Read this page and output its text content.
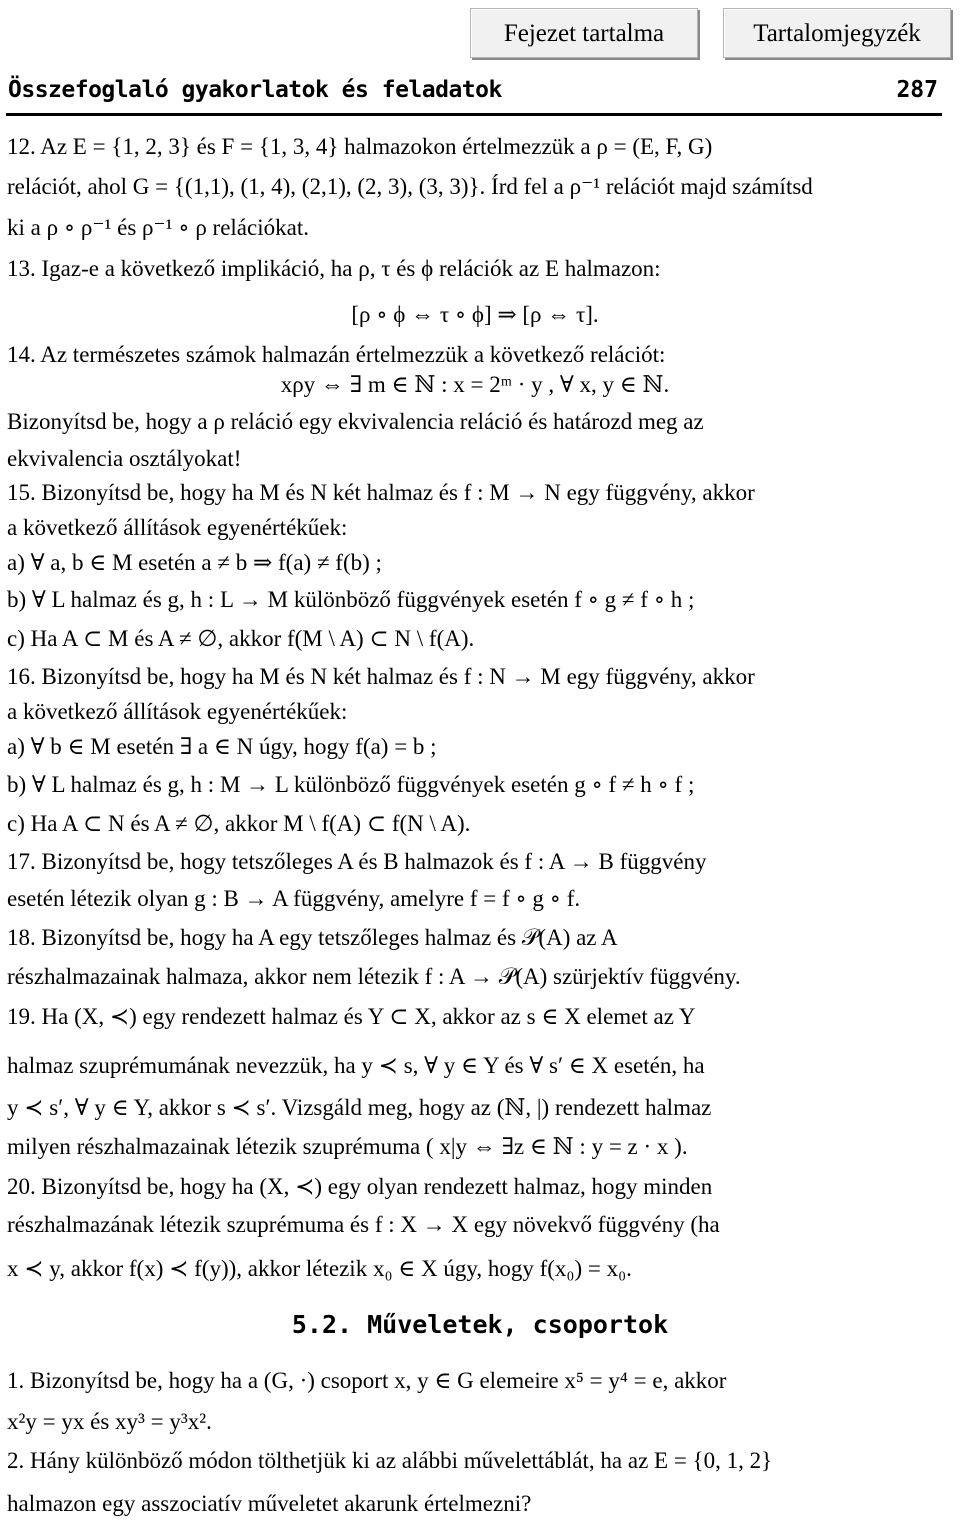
Fejezet tartalma	Tartalomjegyzék
Összefoglaló gyakorlatok és feladatok	287
12. Az E = {1, 2, 3} és F = {1, 3, 4} halmazokon értelmezzük a ρ = (E, F, G)
relációt, ahol G = {(1,1), (1, 4), (2,1), (2, 3), (3, 3)}. Írd fel a ρ⁻¹ relációt majd számítsd
ki a ρ ∘ ρ⁻¹ és ρ⁻¹ ∘ ρ relációkat.
13. Igaz-e a következő implikáció, ha ρ, τ és ϕ relációk az E halmazon:
[ρ ∘ ϕ ⇔ τ ∘ ϕ] ⇒ [ρ ⇔ τ].
14. Az természetes számok halmazán értelmezzük a következő relációt:
xρy ⇔ ∃ m ∈ ℕ : x = 2ᵐ · y , ∀ x, y ∈ ℕ.
Bizonyítsd be, hogy a ρ reláció egy ekvivalencia reláció és határozd meg az
ekvivalencia osztályokat!
15. Bizonyítsd be, hogy ha M és N két halmaz és f : M → N egy függvény, akkor
a következő állítások egyenértékűek:
a) ∀ a, b ∈ M esetén a ≠ b ⇒ f(a) ≠ f(b) ;
b) ∀ L halmaz és g, h : L → M különböző függvények esetén f ∘ g ≠ f ∘ h ;
c) Ha A ⊂ M és A ≠ ∅, akkor f(M \ A) ⊂ N \ f(A).
16. Bizonyítsd be, hogy ha M és N két halmaz és f : N → M egy függvény, akkor
a következő állítások egyenértékűek:
a) ∀ b ∈ M esetén ∃ a ∈ N úgy, hogy f(a) = b ;
b) ∀ L halmaz és g, h : M → L különböző függvények esetén g ∘ f ≠ h ∘ f ;
c) Ha A ⊂ N és A ≠ ∅, akkor M \ f(A) ⊂ f(N \ A).
17. Bizonyítsd be, hogy tetszőleges A és B halmazok és f : A → B függvény
esetén létezik olyan g : B → A függvény, amelyre f = f ∘ g ∘ f.
18. Bizonyítsd be, hogy ha A egy tetszőleges halmaz és 𝒫(A) az A
részhalmazainak halmaza, akkor nem létezik f : A → 𝒫(A) szürjektív függvény.
19. Ha (X, ≺) egy rendezett halmaz és Y ⊂ X, akkor az s ∈ X elemet az Y
halmaz szuprémumának nevezzük, ha y ≺ s, ∀ y ∈ Y és ∀ s′ ∈ X esetén, ha
y ≺ s′, ∀ y ∈ Y, akkor s ≺ s′. Vizsgáld meg, hogy az (ℕ, |) rendezett halmaz
milyen részhalmazainak létezik szuprémuma ( x|y ⇔ ∃z ∈ ℕ : y = z · x ).
20. Bizonyítsd be, hogy ha (X, ≺) egy olyan rendezett halmaz, hogy minden
részhalmazának létezik szuprémuma és f : X → X egy növekvő függvény (ha
x ≺ y, akkor f(x) ≺ f(y)), akkor létezik x₀ ∈ X úgy, hogy f(x₀) = x₀.
5.2. Műveletek, csoportok
1. Bizonyítsd be, hogy ha a (G, ·) csoport x, y ∈ G elemeire x⁵ = y⁴ = e, akkor
x²y = yx és xy³ = y³x².
2. Hány különböző módon tölthetjük ki az alábbi művelettáblát, ha az E = {0, 1, 2}
halmazon egy asszociatív műveletet akarunk értelmezni?
